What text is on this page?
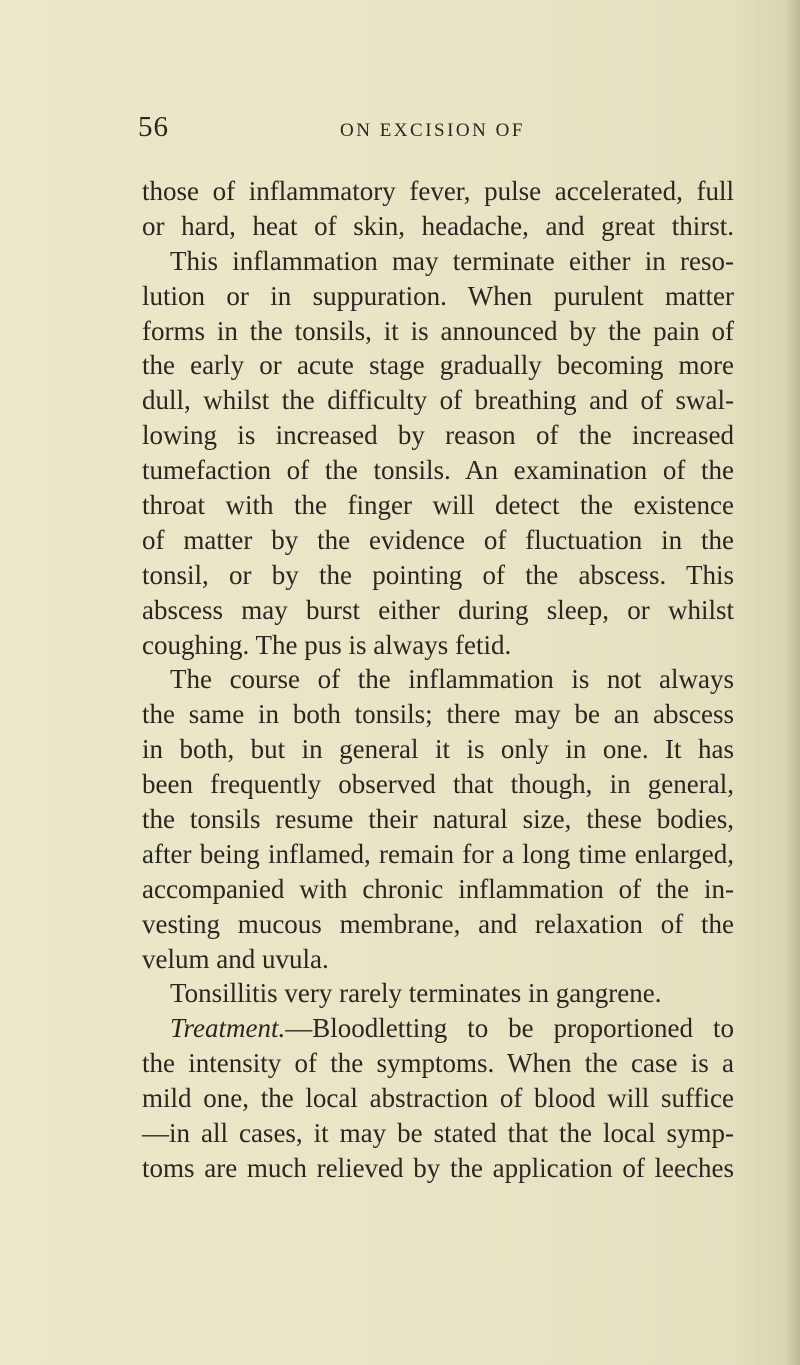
56	ON EXCISION OF
those of inflammatory fever, pulse accelerated, full
or hard, heat of skin, headache, and great thirst.
This inflammation may terminate either in reso-
lution or in suppuration. When purulent matter
forms in the tonsils, it is announced by the pain of
the early or acute stage gradually becoming more
dull, whilst the difficulty of breathing and of swal-
lowing is increased by reason of the increased
tumefaction of the tonsils. An examination of the
throat with the finger will detect the existence
of matter by the evidence of fluctuation in the
tonsil, or by the pointing of the abscess. This
abscess may burst either during sleep, or whilst
coughing. The pus is always fetid.
The course of the inflammation is not always
the same in both tonsils; there may be an abscess
in both, but in general it is only in one. It has
been frequently observed that though, in general,
the tonsils resume their natural size, these bodies,
after being inflamed, remain for a long time enlarged,
accompanied with chronic inflammation of the in-
vesting mucous membrane, and relaxation of the
velum and uvula.
Tonsillitis very rarely terminates in gangrene.
Treatment.—Bloodletting to be proportioned to
the intensity of the symptoms. When the case is a
mild one, the local abstraction of blood will suffice
—in all cases, it may be stated that the local symp-
toms are much relieved by the application of leeches
